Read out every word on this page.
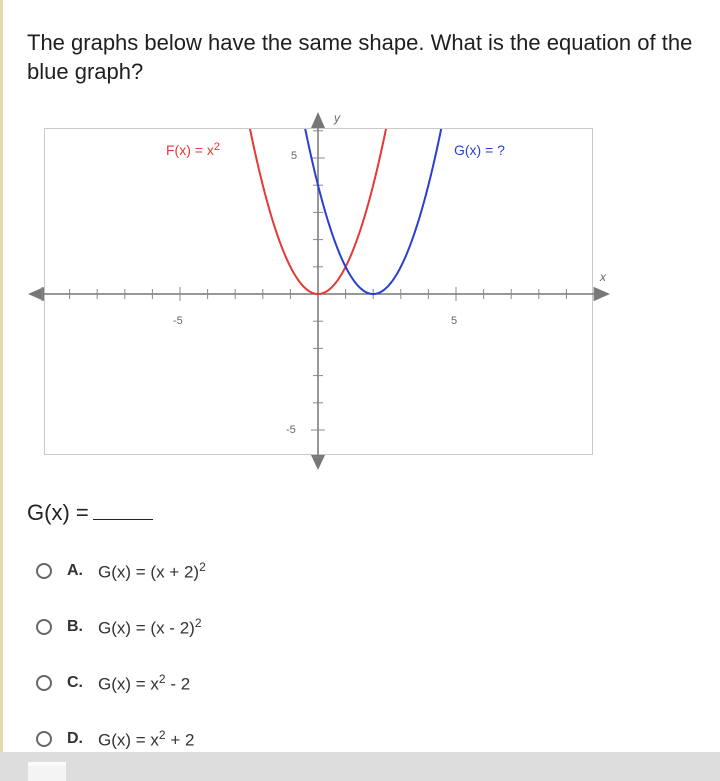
The graphs below have the same shape. What is the equation of the blue graph?
x
y
-5	5
5
-5
$F(x) = x^2$	G(x) = ?
G(x) =
A. $G(x) = (x + 2)^2$
B. G(x) = (x - 2)$^2$
C. $G(x) = x^2 - 2$
D. $G(x) = x^2 + 2$
